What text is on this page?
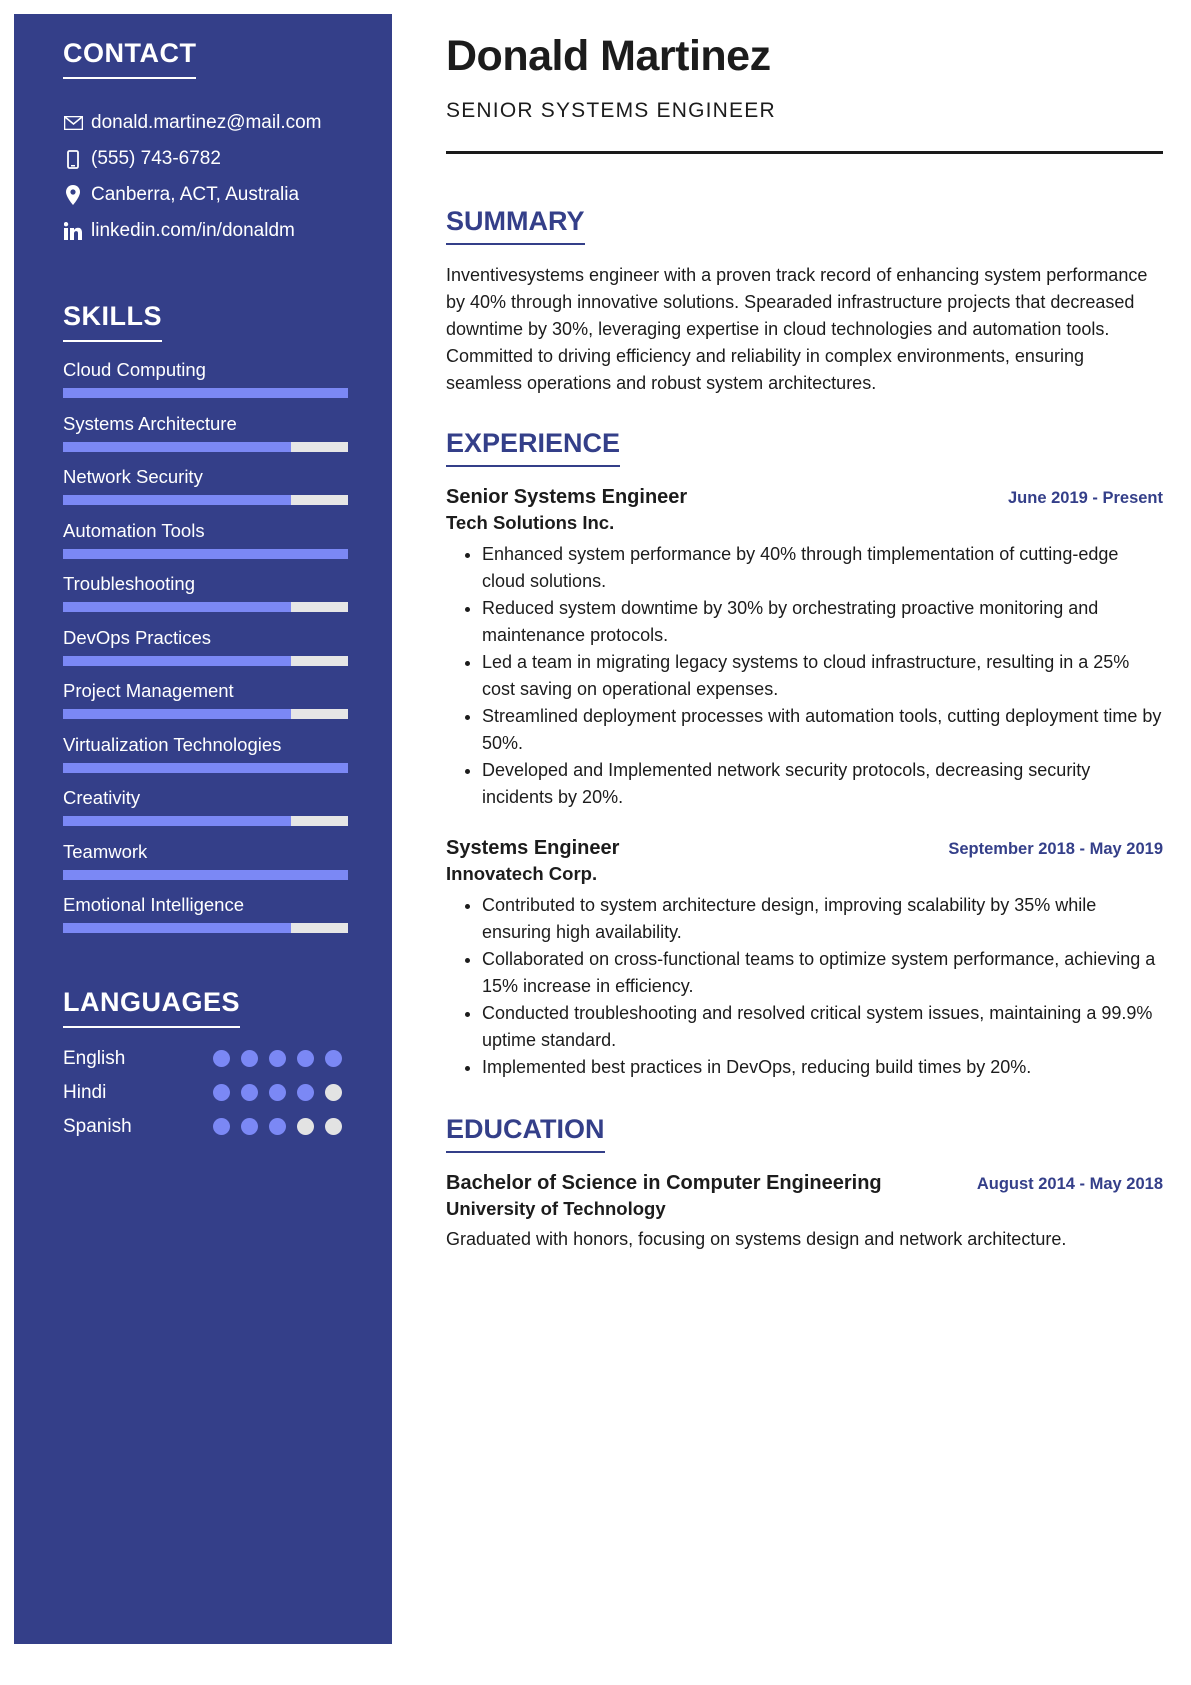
CONTACT
donald.martinez@mail.com
(555) 743-6782
Canberra, ACT, Australia
linkedin.com/in/donaldm
SKILLS
Cloud Computing
Systems Architecture
Network Security
Automation Tools
Troubleshooting
DevOps Practices
Project Management
Virtualization Technologies
Creativity
Teamwork
Emotional Intelligence
LANGUAGES
English
Hindi
Spanish
Donald Martinez
SENIOR SYSTEMS ENGINEER
SUMMARY
Inventivesystems engineer with a proven track record of enhancing system performance by 40% through innovative solutions. Spearaded infrastructure projects that decreased downtime by 30%, leveraging expertise in cloud technologies and automation tools. Committed to driving efficiency and reliability in complex environments, ensuring seamless operations and robust system architectures.
EXPERIENCE
Senior Systems Engineer	June 2019 - Present
Tech Solutions Inc.
• Enhanced system performance by 40% through timplementation of cutting-edge cloud solutions.
• Reduced system downtime by 30% by orchestrating proactive monitoring and maintenance protocols.
• Led a team in migrating legacy systems to cloud infrastructure, resulting in a 25% cost saving on operational expenses.
• Streamlined deployment processes with automation tools, cutting deployment time by 50%.
• Developed and Implemented network security protocols, decreasing security incidents by 20%.
Systems Engineer	September 2018 - May 2019
Innovatech Corp.
• Contributed to system architecture design, improving scalability by 35% while ensuring high availability.
• Collaborated on cross-functional teams to optimize system performance, achieving a 15% increase in efficiency.
• Conducted troubleshooting and resolved critical system issues, maintaining a 99.9% uptime standard.
• Implemented best practices in DevOps, reducing build times by 20%.
EDUCATION
Bachelor of Science in Computer Engineering	August 2014 - May 2018
University of Technology
Graduated with honors, focusing on systems design and network architecture.
